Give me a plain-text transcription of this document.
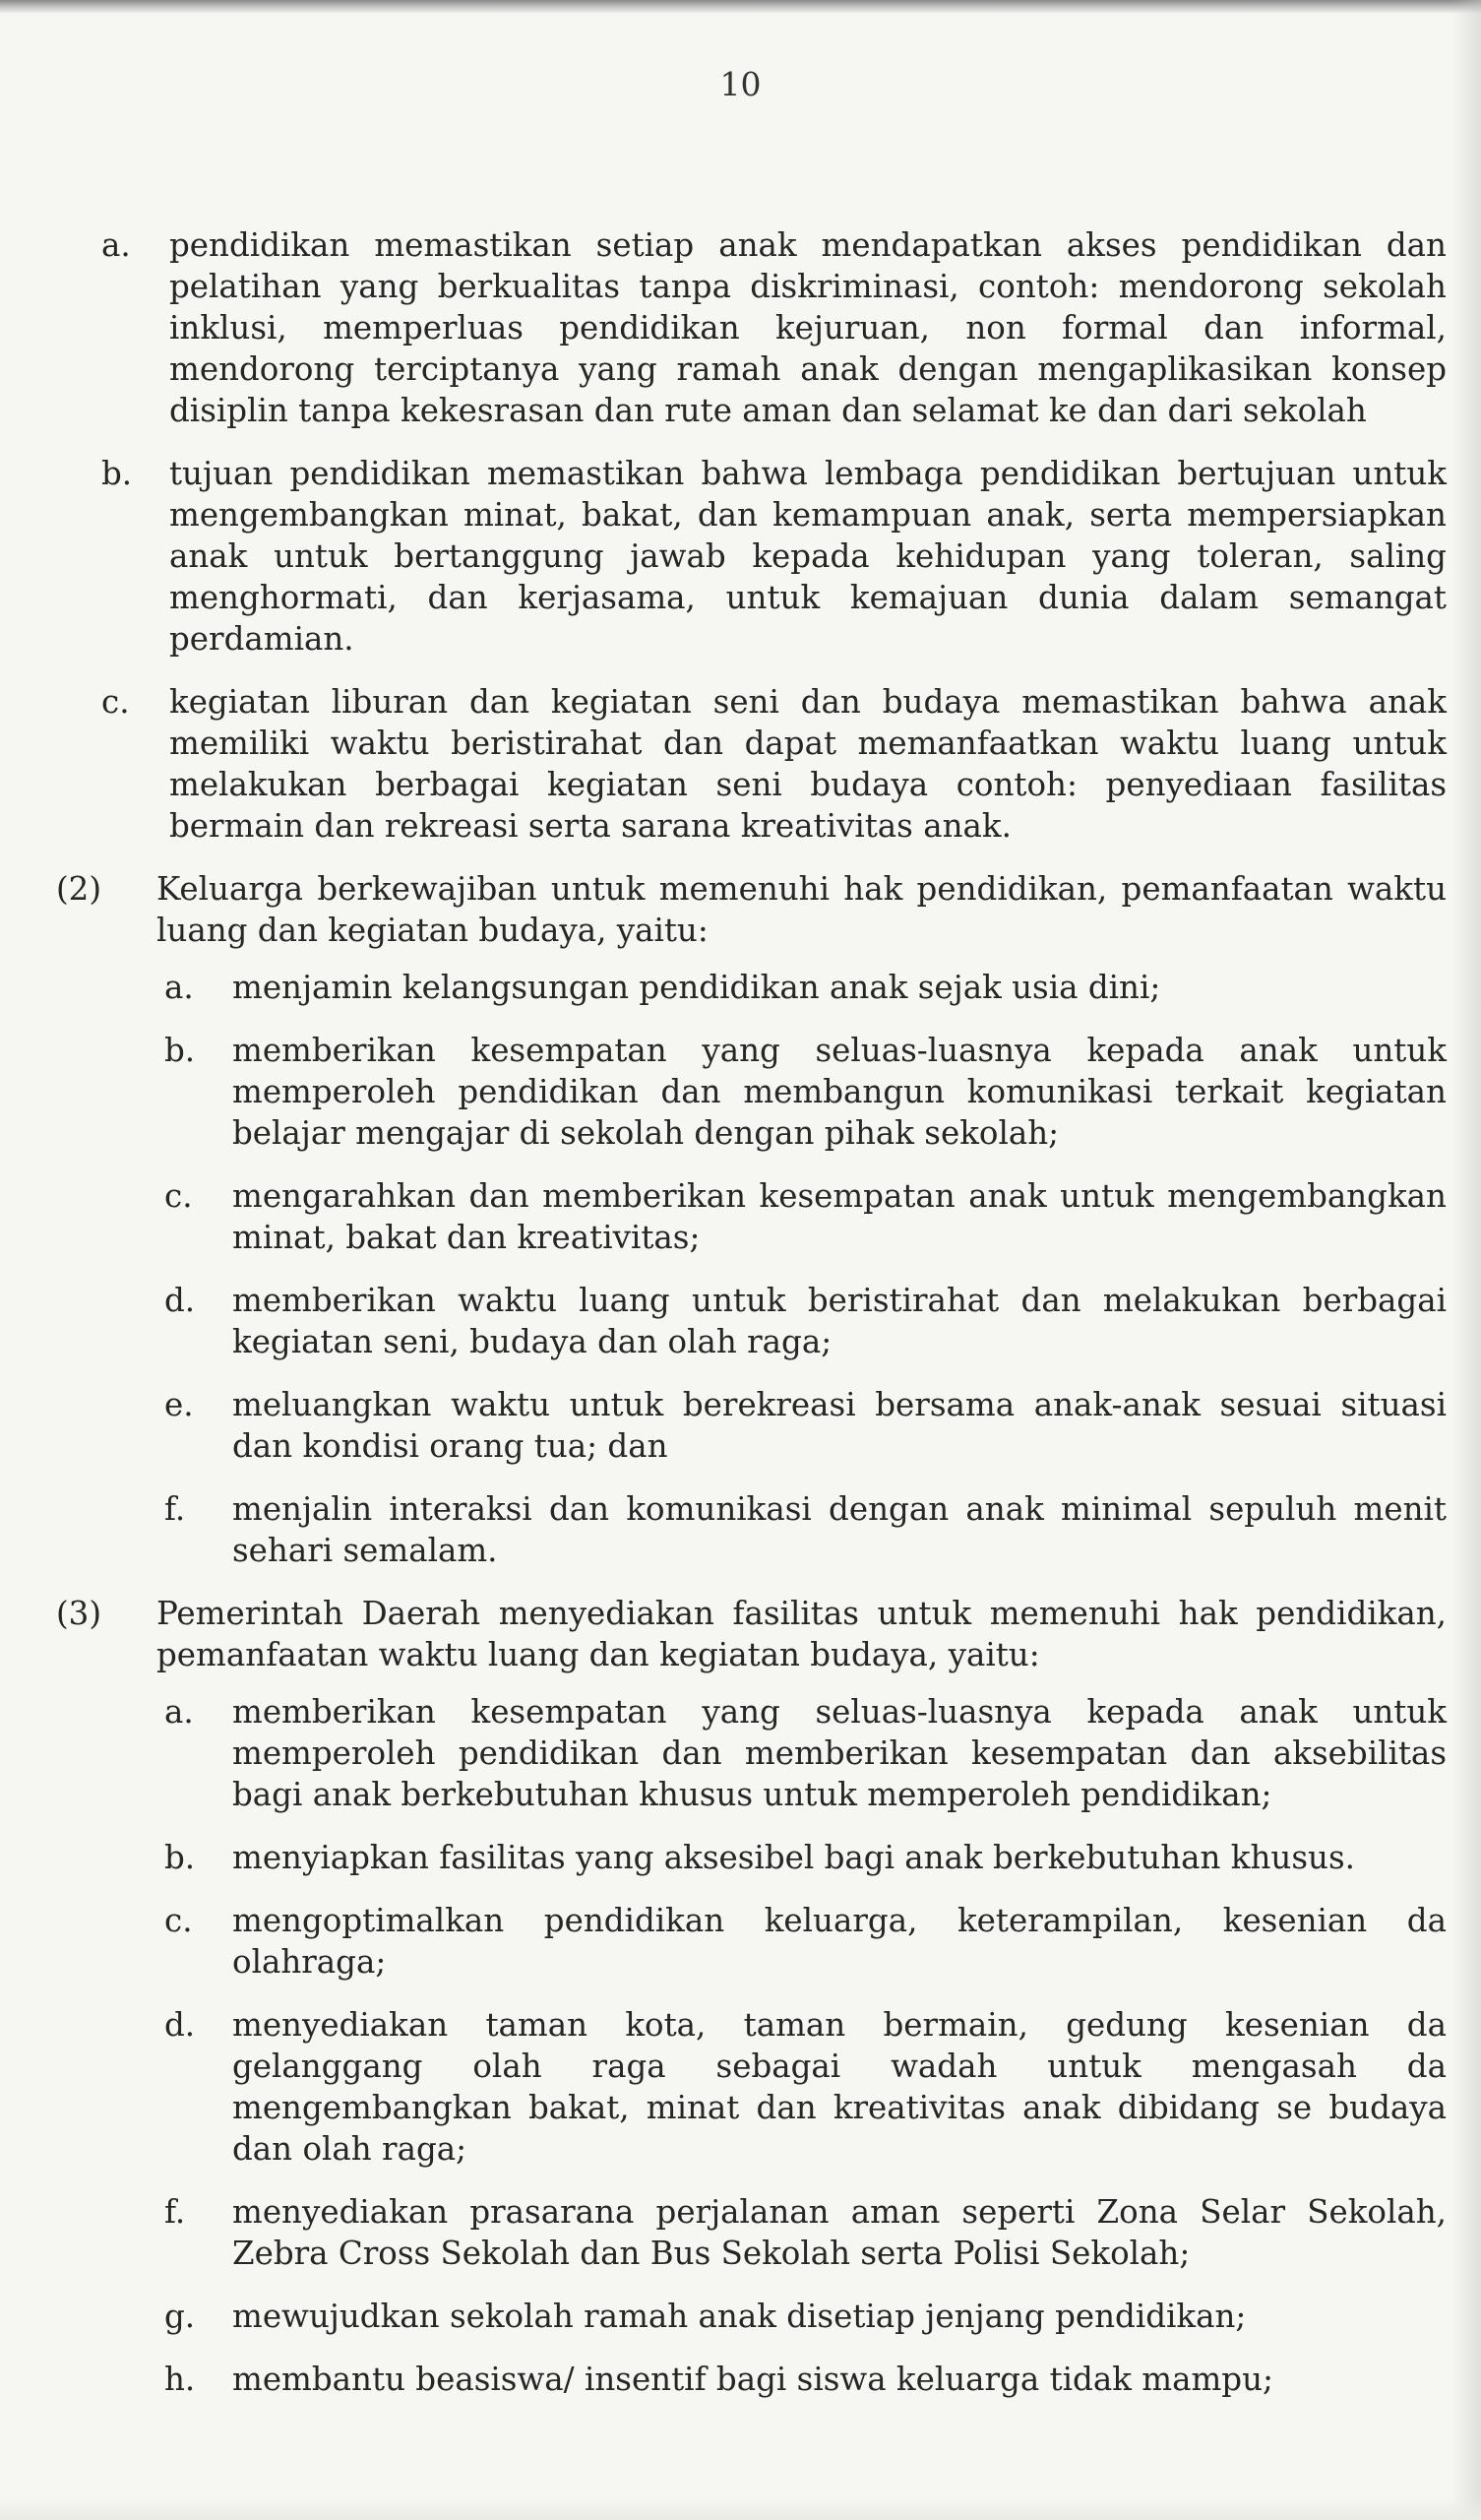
10
a. pendidikan memastikan setiap anak mendapatkan akses pendidikan dan pelatihan yang berkualitas tanpa diskriminasi, contoh: mendorong sekolah inklusi, memperluas pendidikan kejuruan, non formal dan informal, mendorong terciptanya yang ramah anak dengan mengaplikasikan konsep disiplin tanpa kekesrasan dan rute aman dan selamat ke dan dari sekolah
b. tujuan pendidikan memastikan bahwa lembaga pendidikan bertujuan untuk mengembangkan minat, bakat, dan kemampuan anak, serta mempersiapkan anak untuk bertanggung jawab kepada kehidupan yang toleran, saling menghormati, dan kerjasama, untuk kemajuan dunia dalam semangat perdamian.
c. kegiatan liburan dan kegiatan seni dan budaya memastikan bahwa anak memiliki waktu beristirahat dan dapat memanfaatkan waktu luang untuk melakukan berbagai kegiatan seni budaya contoh: penyediaan fasilitas bermain dan rekreasi serta sarana kreativitas anak.
(2) Keluarga berkewajiban untuk memenuhi hak pendidikan, pemanfaatan waktu luang dan kegiatan budaya, yaitu:
a. menjamin kelangsungan pendidikan anak sejak usia dini;
b. memberikan kesempatan yang seluas-luasnya kepada anak untuk memperoleh pendidikan dan membangun komunikasi terkait kegiatan belajar mengajar di sekolah dengan pihak sekolah;
c. mengarahkan dan memberikan kesempatan anak untuk mengembangkan minat, bakat dan kreativitas;
d. memberikan waktu luang untuk beristirahat dan melakukan berbagai kegiatan seni, budaya dan olah raga;
e. meluangkan waktu untuk berekreasi bersama anak-anak sesuai situasi dan kondisi orang tua; dan
f. menjalin interaksi dan komunikasi dengan anak minimal sepuluh menit sehari semalam.
(3) Pemerintah Daerah menyediakan fasilitas untuk memenuhi hak pendidikan, pemanfaatan waktu luang dan kegiatan budaya, yaitu:
a. memberikan kesempatan yang seluas-luasnya kepada anak untuk memperoleh pendidikan dan memberikan kesempatan dan aksebilitas bagi anak berkebutuhan khusus untuk memperoleh pendidikan;
b. menyiapkan fasilitas yang aksesibel bagi anak berkebutuhan khusus.
c. mengoptimalkan pendidikan keluarga, keterampilan, kesenian da olahraga;
d. menyediakan taman kota, taman bermain, gedung kesenian da gelanggang olah raga sebagai wadah untuk mengasah da mengembangkan bakat, minat dan kreativitas anak dibidang se budaya dan olah raga;
f. menyediakan prasarana perjalanan aman seperti Zona Selar Sekolah, Zebra Cross Sekolah dan Bus Sekolah serta Polisi Sekolah;
g. mewujudkan sekolah ramah anak disetiap jenjang pendidikan;
h. membantu beasiswa/ insentif bagi siswa keluarga tidak mampu;
